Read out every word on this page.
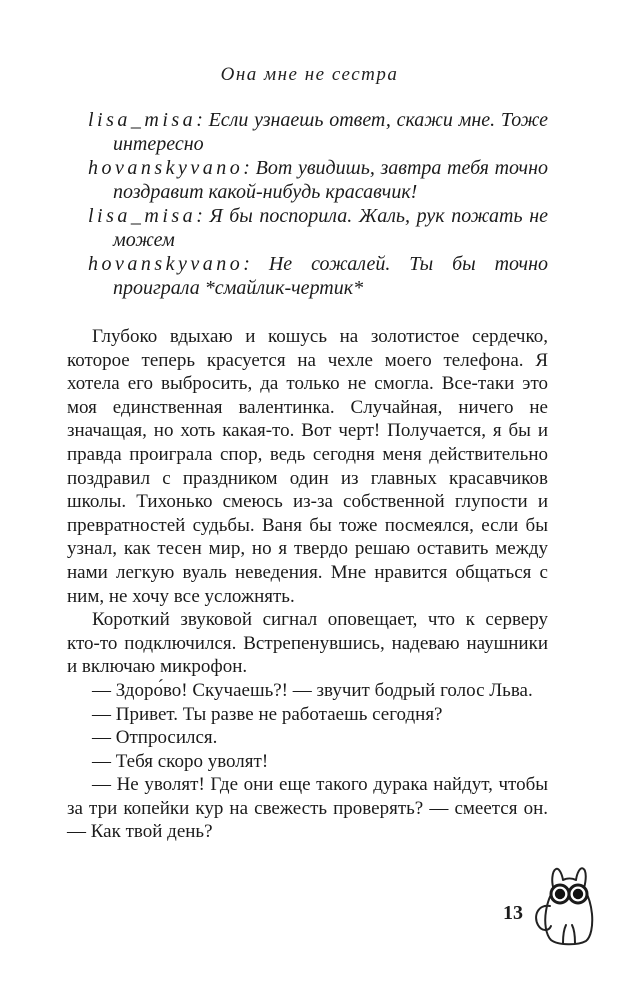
Она мне не сестра

lisa_misa: Если узнаешь ответ, скажи мне. Тоже интересно

hovanskyvano: Вот увидишь, завтра тебя точно поздравит какой-нибудь красавчик!

lisa_misa: Я бы поспорила. Жаль, рук пожать не можем

hovanskyvano: Не сожалей. Ты бы точно проиграла *смайлик-чертик*

Глубоко вдыхаю и кошусь на золотистое сердечко, которое теперь красуется на чехле моего телефона. Я хотела его выбросить, да только не смогла. Все-таки это моя единственная валентинка. Случайная, ничего не значащая, но хоть какая-то. Вот черт! Получается, я бы и правда проиграла спор, ведь сегодня меня действительно поздравил с праздником один из главных красавчиков школы. Тихонько смеюсь из-за собственной глупости и превратностей судьбы. Ваня бы тоже посмеялся, если бы узнал, как тесен мир, но я твердо решаю оставить между нами легкую вуаль неведения. Мне нравится общаться с ним, не хочу все усложнять.

Короткий звуковой сигнал оповещает, что к серверу кто-то подключился. Встрепенувшись, надеваю наушники и включаю микрофон.

— Здоро́во! Скучаешь?! — звучит бодрый голос Льва.

— Привет. Ты разве не работаешь сегодня?

— Отпросился.

— Тебя скоро уволят!

— Не уволят! Где они еще такого дурака найдут, чтобы за три копейки кур на свежесть проверять? — смеется он. — Как твой день?

13
